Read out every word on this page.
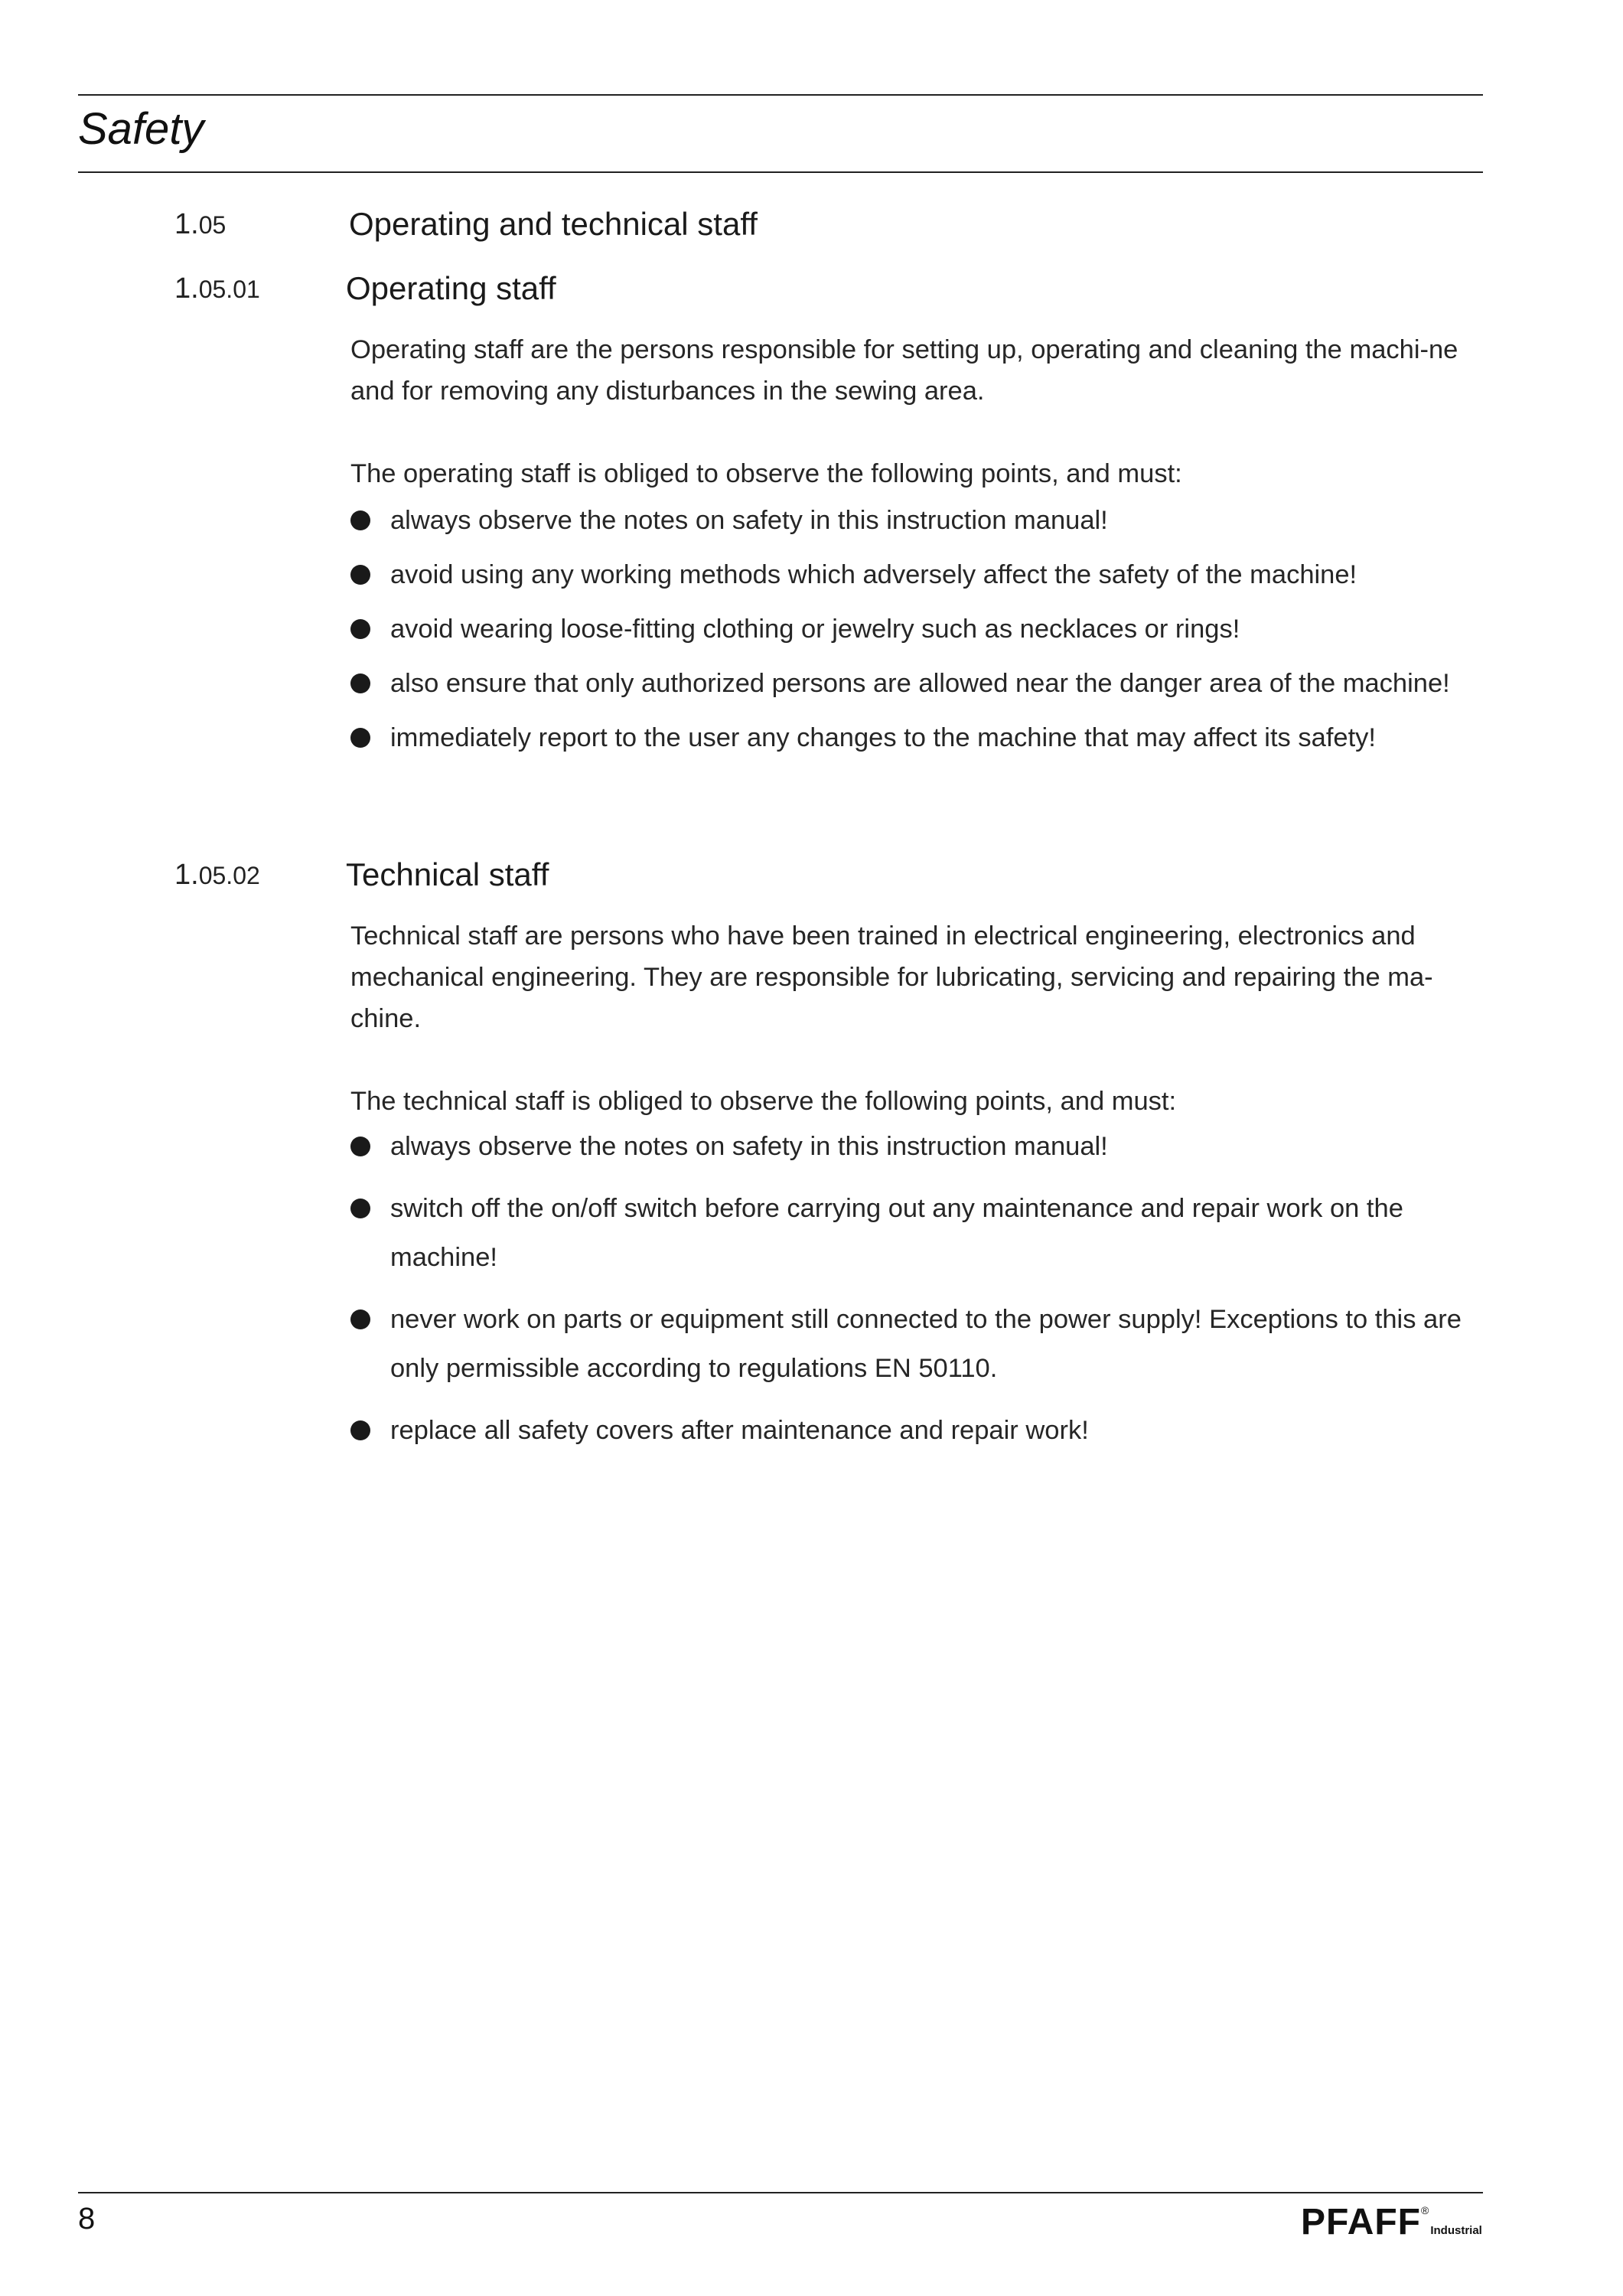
Safety
1.05	Operating and technical staff
1.05.01	Operating staff
Operating staff are the persons responsible for setting up, operating and cleaning the machi-ne and for removing any disturbances in the sewing area.
The operating staff is obliged to observe the following points, and must:
always observe the notes on safety in this instruction manual!
avoid using any working methods which adversely affect the safety of the machine!
avoid wearing loose-fitting clothing or jewelry such as necklaces or rings!
also ensure that only authorized persons are allowed near the danger area of the machine!
immediately report to the user any changes to the machine that may affect its safety!
1.05.02	Technical staff
Technical staff are persons who have been trained in electrical engineering, electronics and mechanical engineering. They are responsible for lubricating, servicing and repairing the ma-chine.
The technical staff is obliged to observe the following points, and must:
always observe the notes on safety in this instruction manual!
switch off the on/off switch before carrying out any maintenance and repair work on the machine!
never work on parts or equipment still connected to the power supply! Exceptions to this are only permissible according to regulations EN 50110.
replace all safety covers after maintenance and repair work!
8	PFAFF®Industrial
